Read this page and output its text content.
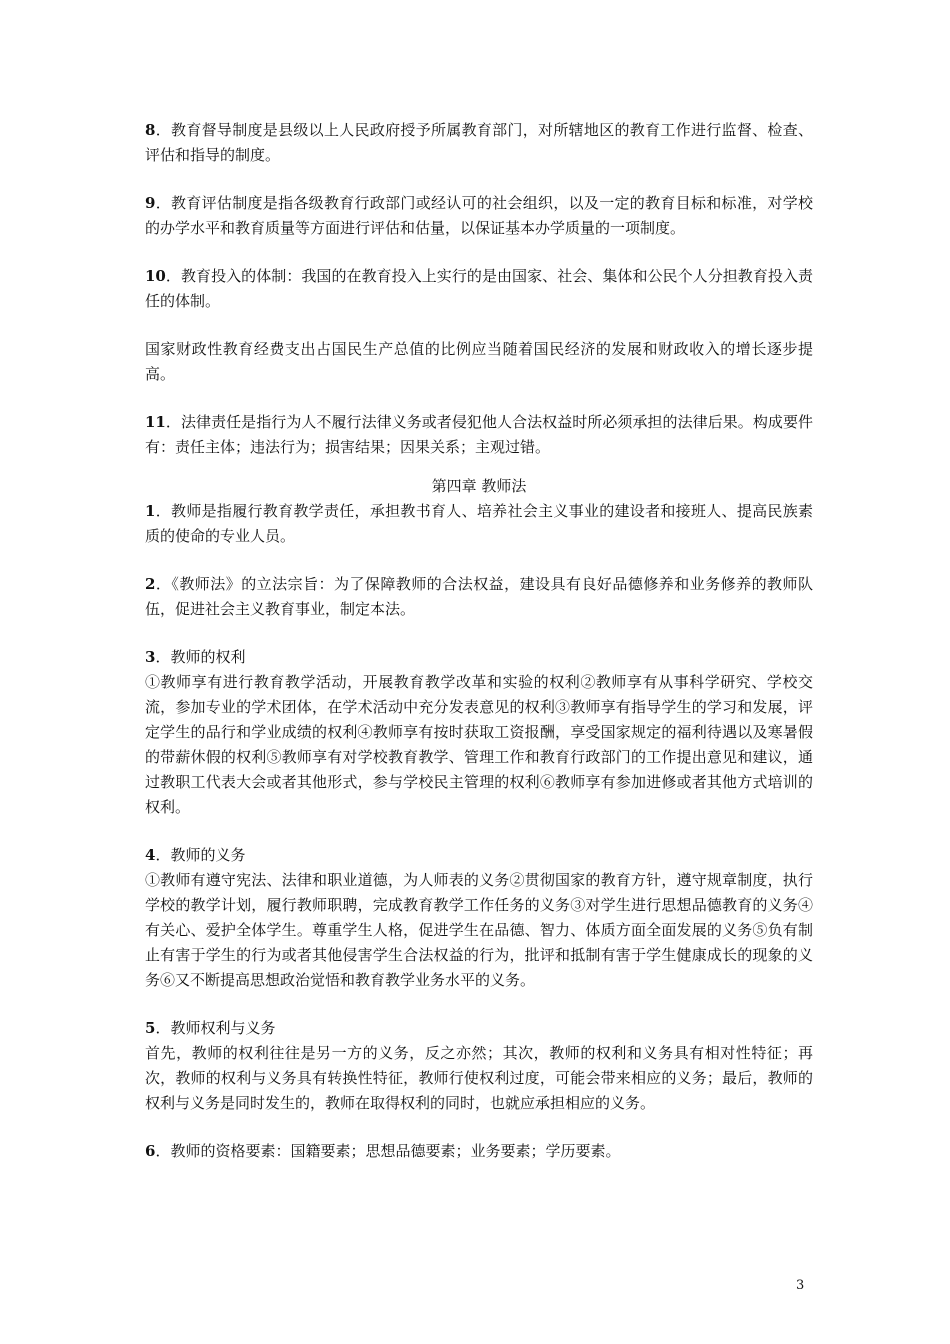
8．教育督导制度是县级以上人民政府授予所属教育部门，对所辖地区的教育工作进行监督、检查、评估和指导的制度。

9．教育评估制度是指各级教育行政部门或经认可的社会组织，以及一定的教育目标和标准，对学校的办学水平和教育质量等方面进行评估和估量，以保证基本办学质量的一项制度。

10．教育投入的体制：我国的在教育投入上实行的是由国家、社会、集体和公民个人分担教育投入责任的体制。

国家财政性教育经费支出占国民生产总值的比例应当随着国民经济的发展和财政收入的增长逐步提高。

11．法律责任是指行为人不履行法律义务或者侵犯他人合法权益时所必须承担的法律后果。构成要件有：责任主体；违法行为；损害结果；因果关系；主观过错。

第四章 教师法

1．教师是指履行教育教学责任，承担教书育人、培养社会主义事业的建设者和接班人、提高民族素质的使命的专业人员。

2．《教师法》的立法宗旨：为了保障教师的合法权益，建设具有良好品德修养和业务修养的教师队伍，促进社会主义教育事业，制定本法。

3．教师的权利

①教师享有进行教育教学活动，开展教育教学改革和实验的权利②教师享有从事科学研究、学校交流，参加专业的学术团体，在学术活动中充分发表意见的权利③教师享有指导学生的学习和发展，评定学生的品行和学业成绩的权利④教师享有按时获取工资报酬，享受国家规定的福利待遇以及寒暑假的带薪休假的权利⑤教师享有对学校教育教学、管理工作和教育行政部门的工作提出意见和建议，通过教职工代表大会或者其他形式，参与学校民主管理的权利⑥教师享有参加进修或者其他方式培训的权利。

4．教师的义务

①教师有遵守宪法、法律和职业道德，为人师表的义务②贯彻国家的教育方针，遵守规章制度，执行学校的教学计划，履行教师职聘，完成教育教学工作任务的义务③对学生进行思想品德教育的义务④有关心、爱护全体学生。尊重学生人格，促进学生在品德、智力、体质方面全面发展的义务⑤负有制止有害于学生的行为或者其他侵害学生合法权益的行为，批评和抵制有害于学生健康成长的现象的义务⑥又不断提高思想政治觉悟和教育教学业务水平的义务。

5．教师权利与义务

首先，教师的权利往往是另一方的义务，反之亦然；其次，教师的权利和义务具有相对性特征；再次，教师的权利与义务具有转换性特征，教师行使权利过度，可能会带来相应的义务；最后，教师的权利与义务是同时发生的，教师在取得权利的同时，也就应承担相应的义务。

6．教师的资格要素：国籍要素；思想品德要素；业务要素；学历要素。

3
